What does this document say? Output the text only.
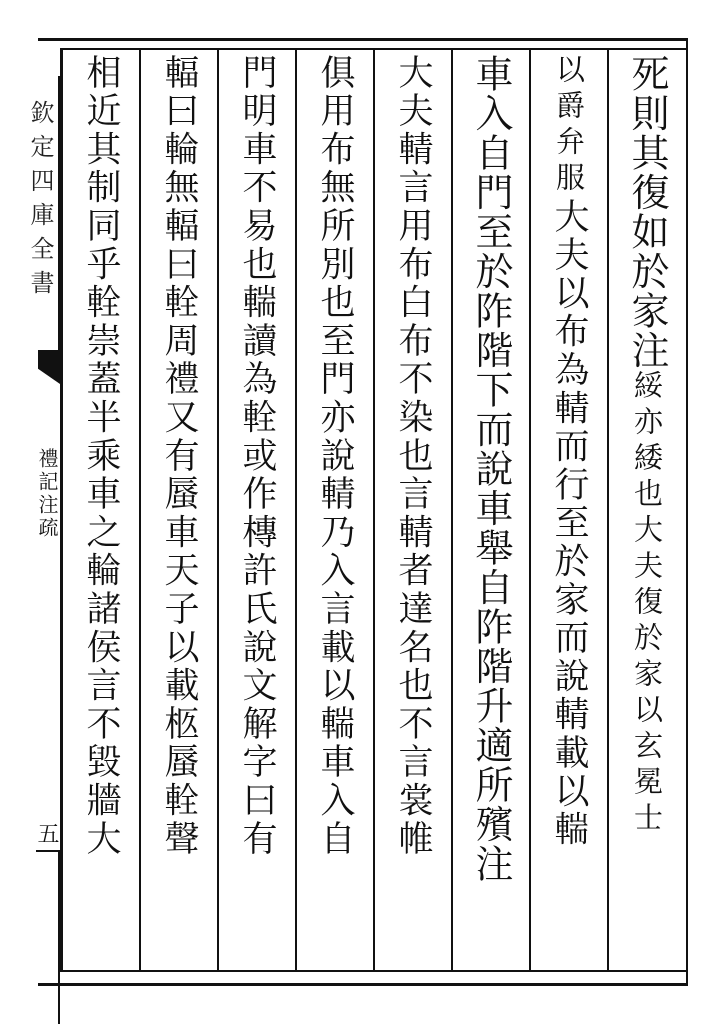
欽定四庫全書
禮記注疏
五
死則其復如於家注綏亦緌也大夫復於家以玄冕士
以爵弁服大夫以布為輤而行至於家而說輤載以輲
車入自門至於阼階下而說車舉自阼階升適所殯注
大夫輤言用布白布不染也言輤者達名也不言裳帷
俱用布無所別也至門亦說輤乃入言載以輲車入自
門明車不易也輲讀為輇或作槫許氏說文解字曰有
輻曰輪無輻曰輇周禮又有蜃車天子以載柩蜃輇聲
相近其制同乎輇崇蓋半乘車之輪諸侯言不毀牆大
